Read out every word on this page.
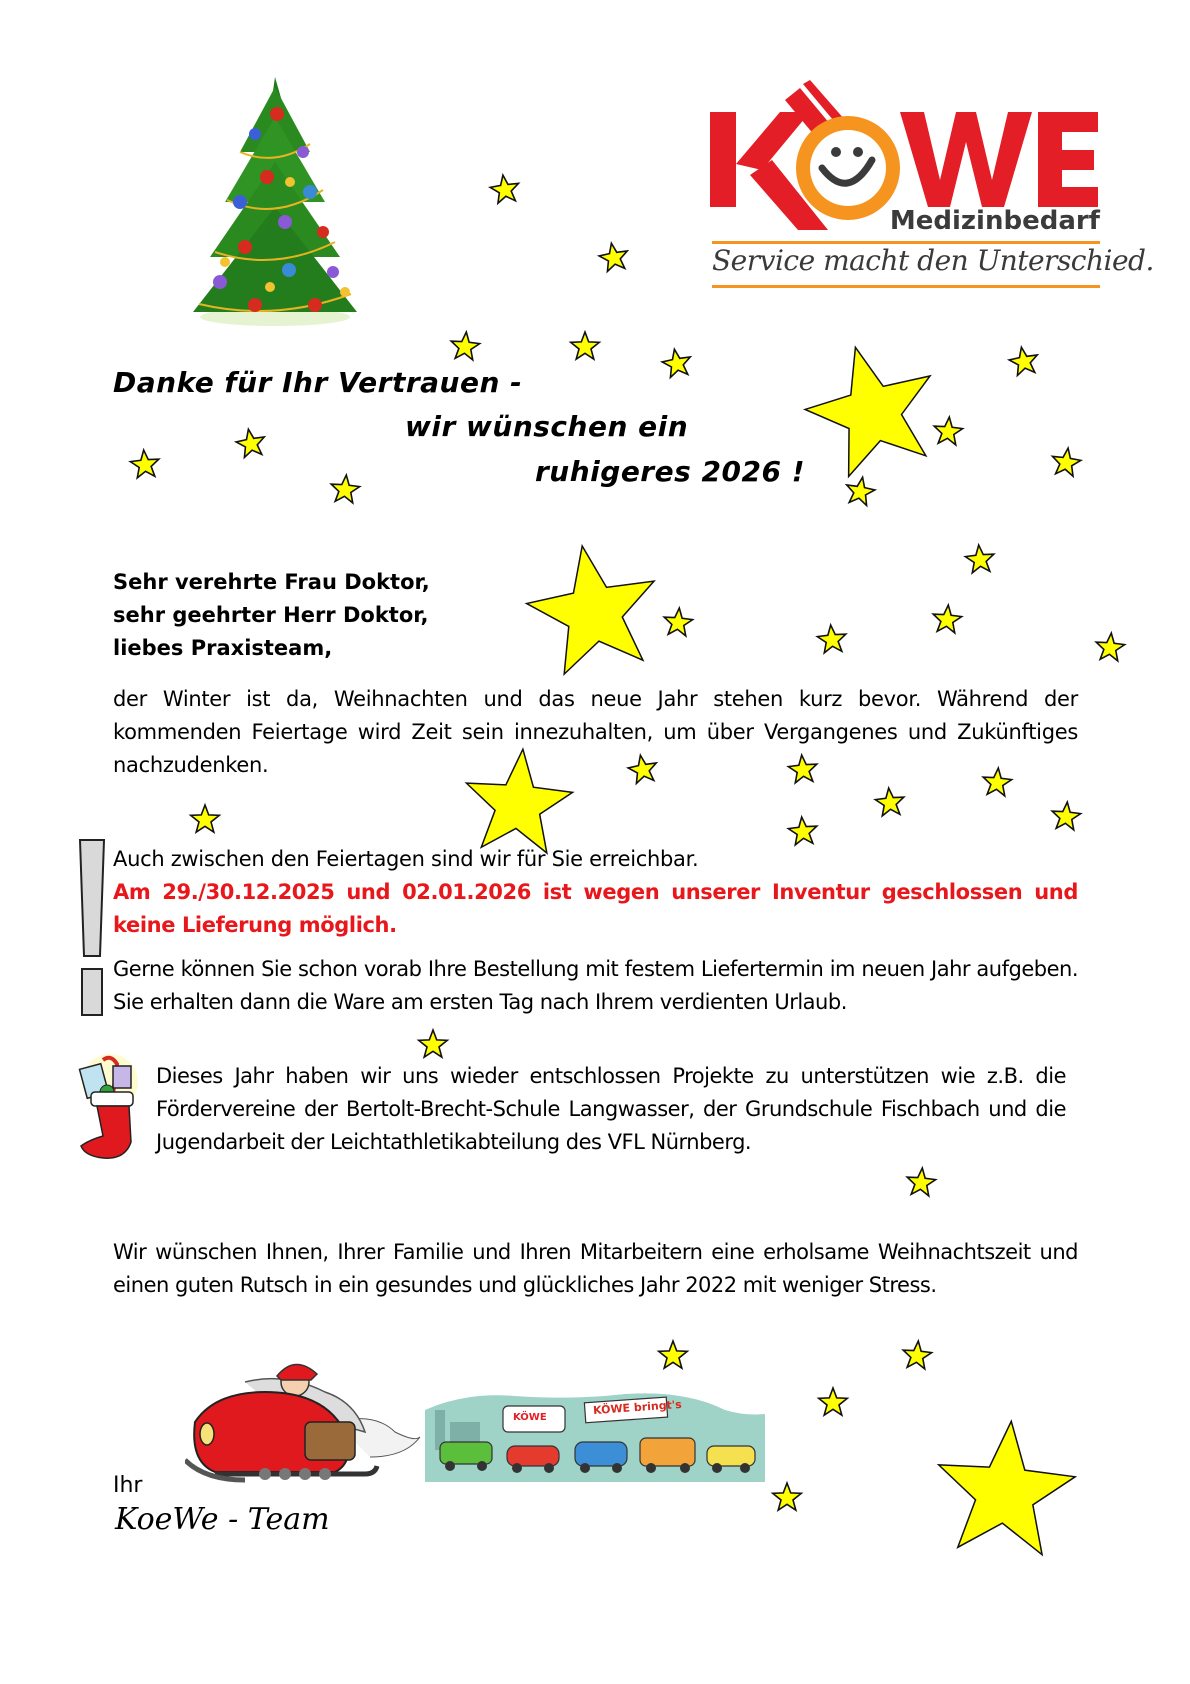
Medizinbedarf
Service macht den Unterschied.
Danke für Ihr Vertrauen -
wir wünschen ein
ruhigeres 2026 !
Sehr verehrte Frau Doktor,
sehr geehrter Herr Doktor,
liebes Praxisteam,
der Winter ist da, Weihnachten und das neue Jahr stehen kurz bevor. Während der kommenden Feiertage wird Zeit sein innezuhalten, um über Vergangenes und Zukünftiges nachzudenken.
Auch zwischen den Feiertagen sind wir für Sie erreichbar.
Am 29./30.12.2025 und 02.01.2026 ist wegen unserer Inventur geschlossen und keine Lieferung möglich.
Gerne können Sie schon vorab Ihre Bestellung mit festem Liefertermin im neuen Jahr aufgeben. Sie erhalten dann die Ware am ersten Tag nach Ihrem verdienten Urlaub.
Dieses Jahr haben wir uns wieder entschlossen Projekte zu unterstützen wie z.B. die Fördervereine der Bertolt-Brecht-Schule Langwasser, der Grundschule Fischbach und die Jugendarbeit der Leichtathletikabteilung des VFL Nürnberg.
Wir wünschen Ihnen, Ihrer Familie und Ihren Mitarbeitern eine erholsame Weihnachtszeit und einen guten Rutsch in ein gesundes und glückliches Jahr 2022 mit weniger Stress.
KÖWE
KÖWE bringt's
Ihr
KoeWe - Team
